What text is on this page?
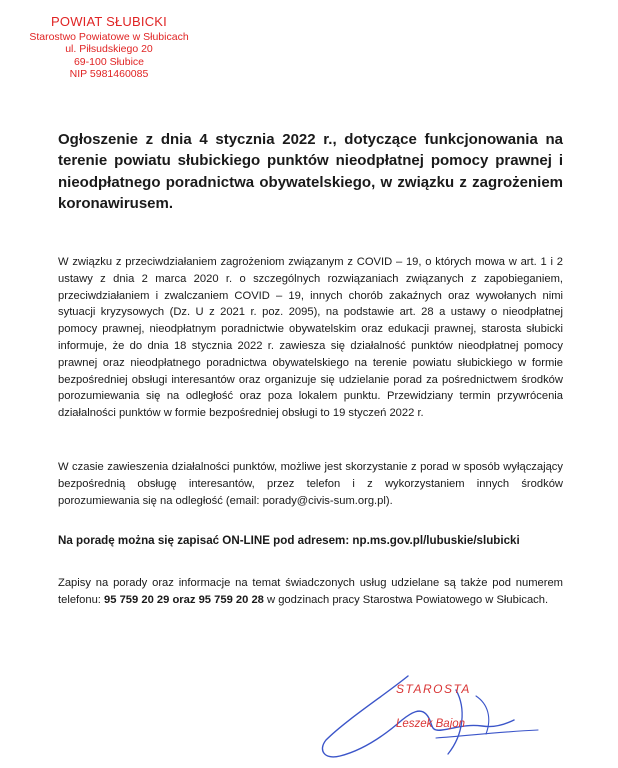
POWIAT SŁUBICKI
Starostwo Powiatowe w Słubicach
ul. Piłsudskiego 20
69-100 Słubice
NIP 5981460085
Ogłoszenie z dnia 4 stycznia 2022 r., dotyczące funkcjonowania na terenie powiatu słubickiego punktów nieodpłatnej pomocy prawnej i nieodpłatnego poradnictwa obywatelskiego, w związku z zagrożeniem koronawirusem.

W związku z przeciwdziałaniem zagrożeniom związanym z COVID – 19, o których mowa w art. 1 i 2 ustawy z dnia 2 marca 2020 r. o szczególnych rozwiązaniach związanych z zapobieganiem, przeciwdziałaniem i zwalczaniem COVID – 19, innych chorób zakaźnych oraz wywołanych nimi sytuacji kryzysowych (Dz. U z 2021 r. poz. 2095), na podstawie art. 28 a ustawy o nieodpłatnej pomocy prawnej, nieodpłatnym poradnictwie obywatelskim oraz edukacji prawnej, starosta słubicki informuje, że do dnia 18 stycznia 2022 r. zawiesza się działalność punktów nieodpłatnej pomocy prawnej oraz nieodpłatnego poradnictwa obywatelskiego na terenie powiatu słubickiego w formie bezpośredniej obsługi interesantów oraz organizuje się udzielanie porad za pośrednictwem środków porozumiewania się na odległość oraz poza lokalem punktu. Przewidziany termin przywrócenia działalności punktów w formie bezpośredniej obsługi to 19 styczeń 2022 r.

W czasie zawieszenia działalności punktów, możliwe jest skorzystanie z porad w sposób wyłączający bezpośrednią obsługę interesantów, przez telefon i z wykorzystaniem innych środków porozumiewania się na odległość (email: porady@civis-sum.org.pl).

Na poradę można się zapisać ON-LINE pod adresem: np.ms.gov.pl/lubuskie/slubicki

Zapisy na porady oraz informacje na temat świadczonych usług udzielane są także pod numerem telefonu: 95 759 20 29 oraz 95 759 20 28 w godzinach pracy Starostwa Powiatowego w Słubicach.

STAROSTA
Leszek Bajon
